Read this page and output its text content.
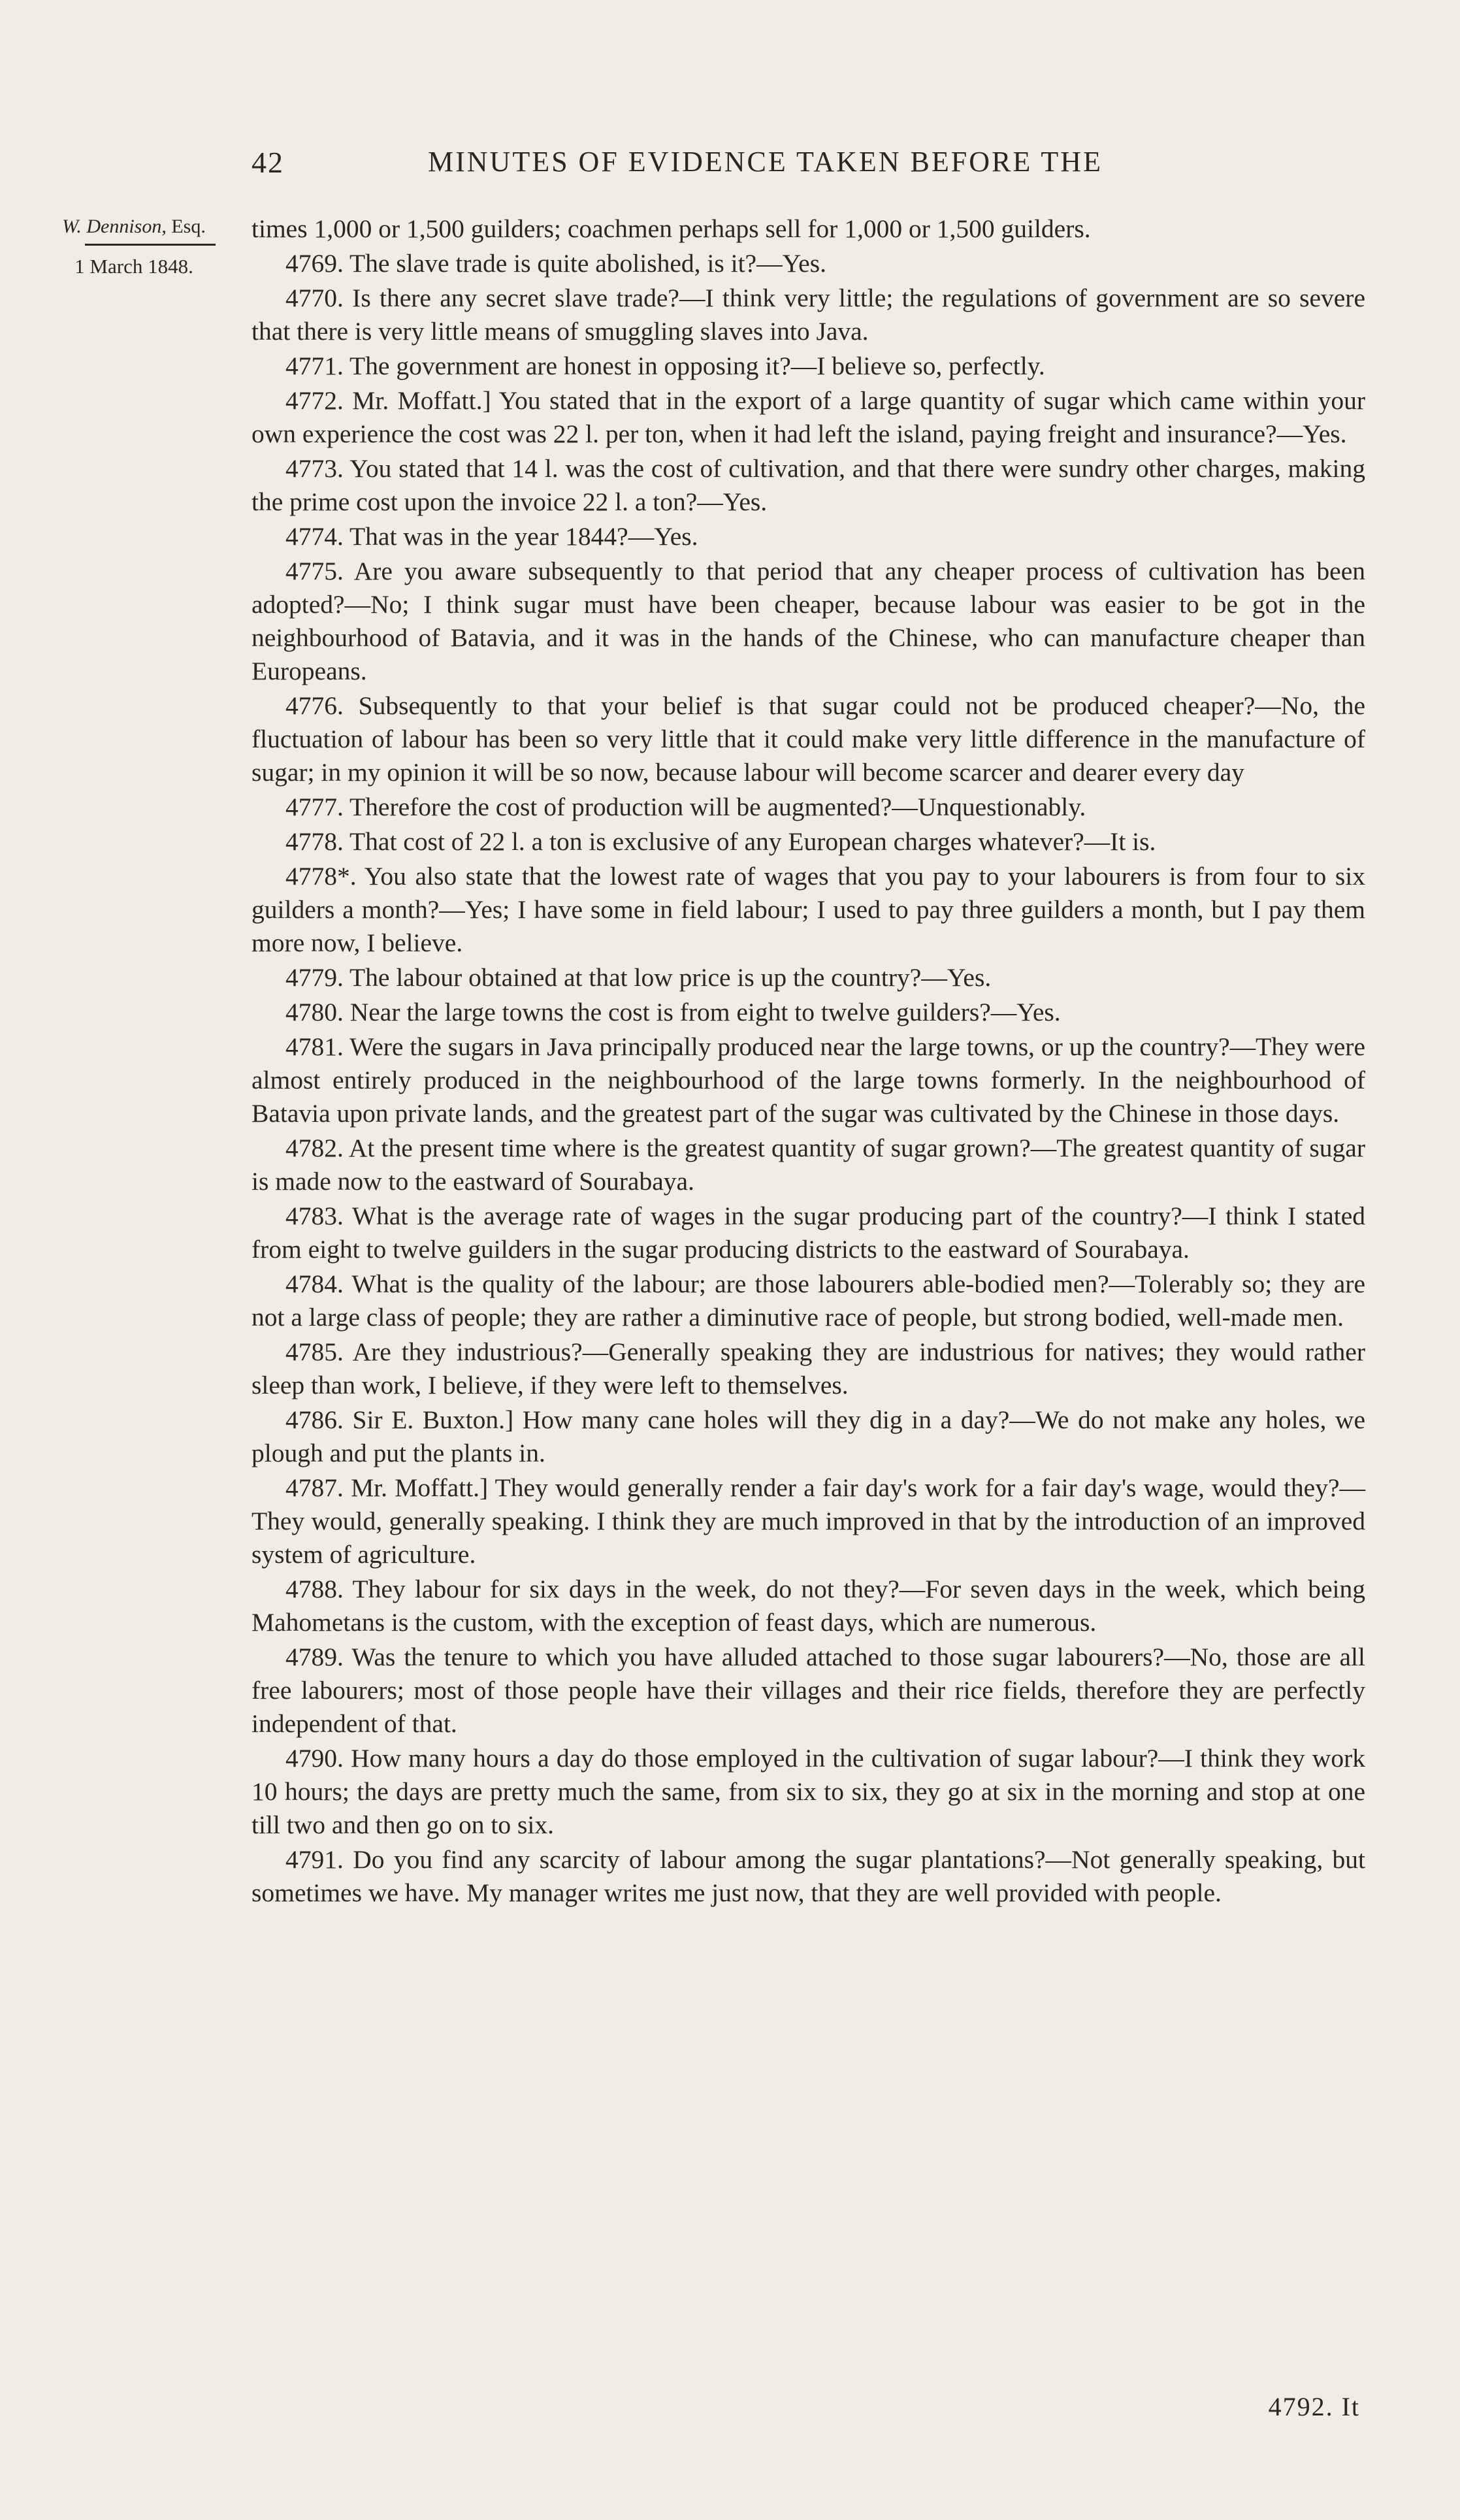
42	MINUTES OF EVIDENCE TAKEN BEFORE THE
W. Dennison, Esq.
1 March 1848.

times 1,000 or 1,500 guilders; coachmen perhaps sell for 1,000 or 1,500 guilders.

4769. The slave trade is quite abolished, is it?—Yes.

4770. Is there any secret slave trade?—I think very little; the regulations of government are so severe that there is very little means of smuggling slaves into Java.

4771. The government are honest in opposing it?—I believe so, perfectly.

4772. Mr. Moffatt.] You stated that in the export of a large quantity of sugar which came within your own experience the cost was 22 l. per ton, when it had left the island, paying freight and insurance?—Yes.

4773. You stated that 14 l. was the cost of cultivation, and that there were sundry other charges, making the prime cost upon the invoice 22 l. a ton?—Yes.

4774. That was in the year 1844?—Yes.

4775. Are you aware subsequently to that period that any cheaper process of cultivation has been adopted?—No; I think sugar must have been cheaper, because labour was easier to be got in the neighbourhood of Batavia, and it was in the hands of the Chinese, who can manufacture cheaper than Europeans.

4776. Subsequently to that your belief is that sugar could not be produced cheaper?—No, the fluctuation of labour has been so very little that it could make very little difference in the manufacture of sugar; in my opinion it will be so now, because labour will become scarcer and dearer every day

4777. Therefore the cost of production will be augmented?—Unquestionably.

4778. That cost of 22 l. a ton is exclusive of any European charges whatever?—It is.

4778*. You also state that the lowest rate of wages that you pay to your labourers is from four to six guilders a month?—Yes; I have some in field labour; I used to pay three guilders a month, but I pay them more now, I believe.

4779. The labour obtained at that low price is up the country?—Yes.

4780. Near the large towns the cost is from eight to twelve guilders?—Yes.

4781. Were the sugars in Java principally produced near the large towns, or up the country?—They were almost entirely produced in the neighbourhood of the large towns formerly. In the neighbourhood of Batavia upon private lands, and the greatest part of the sugar was cultivated by the Chinese in those days.

4782. At the present time where is the greatest quantity of sugar grown?—The greatest quantity of sugar is made now to the eastward of Sourabaya.

4783. What is the average rate of wages in the sugar producing part of the country?—I think I stated from eight to twelve guilders in the sugar producing districts to the eastward of Sourabaya.

4784. What is the quality of the labour; are those labourers able-bodied men?—Tolerably so; they are not a large class of people; they are rather a diminutive race of people, but strong bodied, well-made men.

4785. Are they industrious?—Generally speaking they are industrious for natives; they would rather sleep than work, I believe, if they were left to themselves.

4786. Sir E. Buxton.] How many cane holes will they dig in a day?—We do not make any holes, we plough and put the plants in.

4787. Mr. Moffatt.] They would generally render a fair day's work for a fair day's wage, would they?—They would, generally speaking. I think they are much improved in that by the introduction of an improved system of agriculture.

4788. They labour for six days in the week, do not they?—For seven days in the week, which being Mahometans is the custom, with the exception of feast days, which are numerous.

4789. Was the tenure to which you have alluded attached to those sugar labourers?—No, those are all free labourers; most of those people have their villages and their rice fields, therefore they are perfectly independent of that.

4790. How many hours a day do those employed in the cultivation of sugar labour?—I think they work 10 hours; the days are pretty much the same, from six to six, they go at six in the morning and stop at one till two and then go on to six.

4791. Do you find any scarcity of labour among the sugar plantations?—Not generally speaking, but sometimes we have. My manager writes me just now, that they are well provided with people.

4792. It
